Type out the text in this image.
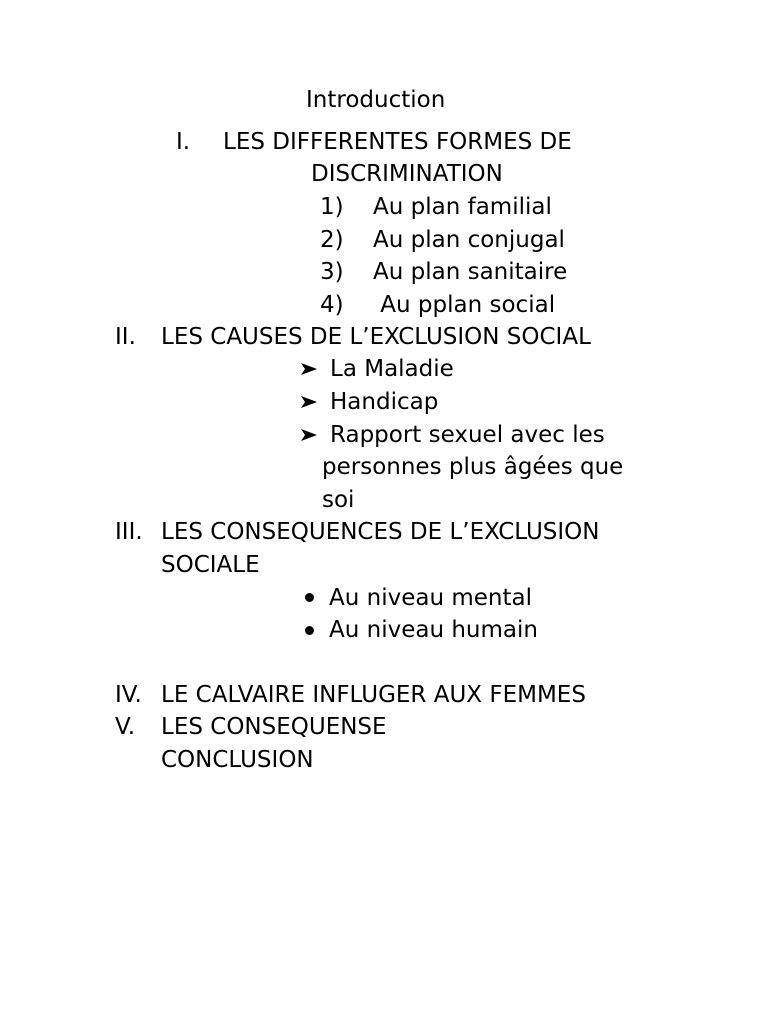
Introduction
I. LES DIFFERENTES FORMES DE
DISCRIMINATION
1) Au plan familial
2) Au plan conjugal
3) Au plan sanitaire
4) Au pplan social
II. LES CAUSES DE L’EXCLUSION SOCIAL
La Maladie
Handicap
Rapport sexuel avec les
personnes plus âgées que
soi
III. LES CONSEQUENCES DE L’EXCLUSION
SOCIALE
Au niveau mental
Au niveau humain
IV. LE CALVAIRE INFLUGER AUX FEMMES
V. LES CONSEQUENSE
CONCLUSION
